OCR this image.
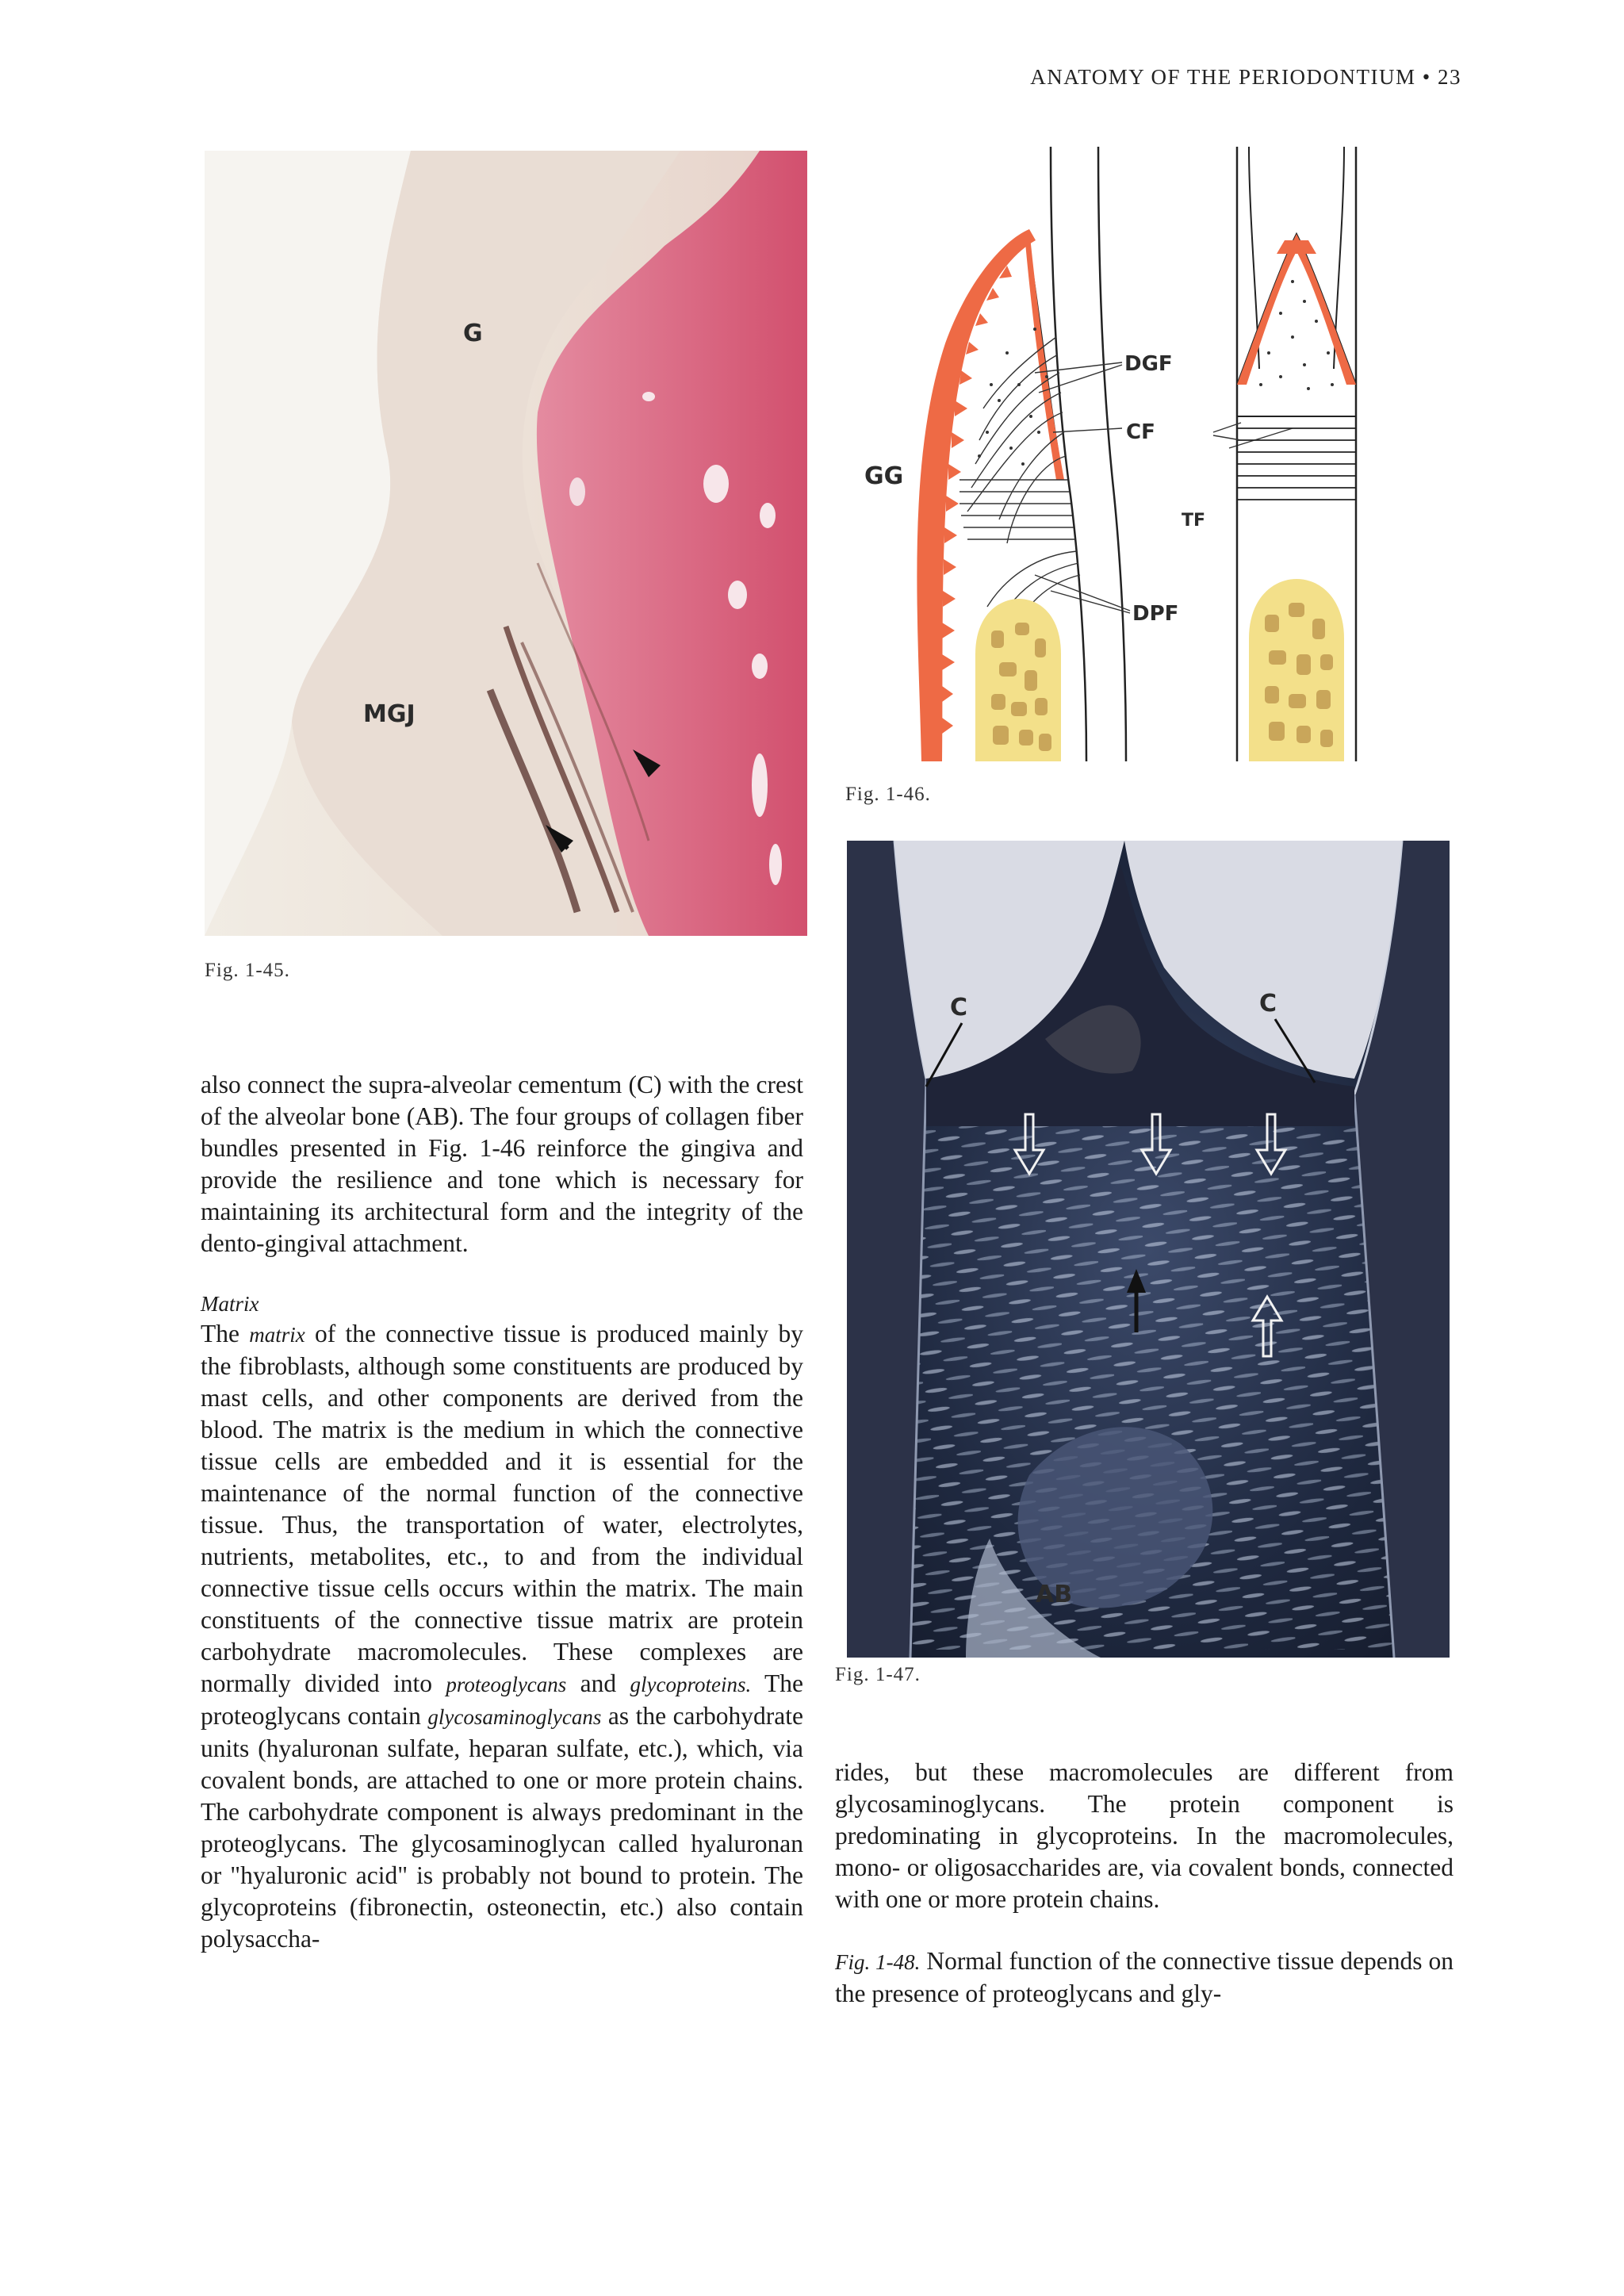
ANATOMY OF THE PERIODONTIUM • 23
G
MGJ
Fig. 1-45.
GG
DGF
CF
TF
DPF
Fig. 1-46.
C	C
AB
Fig. 1-47.

also connect the supra-alveolar cementum (C) with the crest of the alveolar bone (AB). The four groups of collagen fiber bundles presented in Fig. 1-46 reinforce the gingiva and provide the resilience and tone which is necessary for maintaining its architectural form and the integrity of the dento-gingival attachment.

Matrix

The matrix of the connective tissue is produced mainly by the fibroblasts, although some constituents are produced by mast cells, and other components are derived from the blood. The matrix is the medium in which the connective tissue cells are embedded and it is essential for the maintenance of the normal function of the connective tissue. Thus, the transportation of water, electrolytes, nutrients, metabolites, etc., to and from the individual connective tissue cells occurs within the matrix. The main constituents of the connective tissue matrix are protein carbohydrate macromolecules. These complexes are normally divided into proteoglycans and glycoproteins. The proteoglycans contain glycosaminoglycans as the carbohydrate units (hyaluronan sulfate, heparan sulfate, etc.), which, via covalent bonds, are attached to one or more protein chains. The carbohydrate component is always predominant in the proteoglycans. The glycosaminoglycan called hyaluronan or "hyaluronic acid" is probably not bound to protein. The glycoproteins (fibronectin, osteonectin, etc.) also contain polysaccha-

rides, but these macromolecules are different from glycosaminoglycans. The protein component is predominating in glycoproteins. In the macromolecules, mono- or oligosaccharides are, via covalent bonds, connected with one or more protein chains.

Fig. 1-48. Normal function of the connective tissue depends on the presence of proteoglycans and gly-
